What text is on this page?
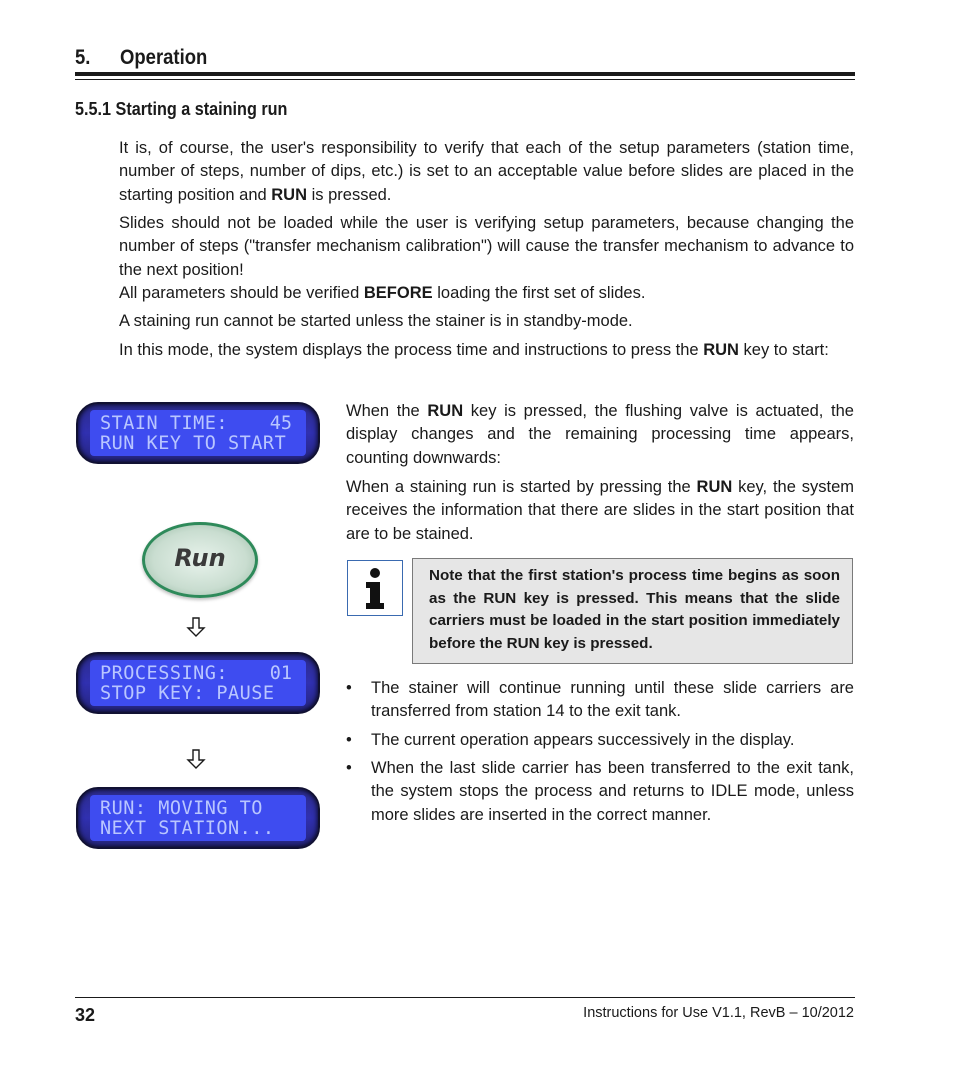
5. Operation
5.5.1 Starting a staining run
It is, of course, the user's responsibility to verify that each of the setup parameters (station time, number of steps, number of dips, etc.) is set to an acceptable value before slides are placed in the starting position and RUN is pressed.
Slides should not be loaded while the user is verifying setup parameters, because changing the number of steps ("transfer mechanism calibration") will cause the transfer mechanism to advance to the next position!
All parameters should be verified BEFORE loading the first set of slides.
A staining run cannot be started unless the stainer is in standby-mode.
In this mode, the system displays the process time and instructions to press the RUN key to start:
STAIN TIME: 45
RUN KEY TO START
Run
PROCESSING: 01
STOP KEY: PAUSE
RUN: MOVING TO
NEXT STATION...
When the RUN key is pressed, the flushing valve is actuated, the display changes and the remaining processing time appears, counting downwards:
When a staining run is started by pressing the RUN key, the system receives the information that there are slides in the start position that are to be stained.
Note that the first station's process time begins as soon as the RUN key is pressed. This means that the slide carriers must be loaded in the start position immediately before the RUN key is pressed.
• The stainer will continue running until these slide carriers are transferred from station 14 to the exit tank.
• The current operation appears successively in the display.
• When the last slide carrier has been transferred to the exit tank, the system stops the process and returns to IDLE mode, unless more slides are inserted in the correct manner.
32	Instructions for Use V1.1, RevB – 10/2012
